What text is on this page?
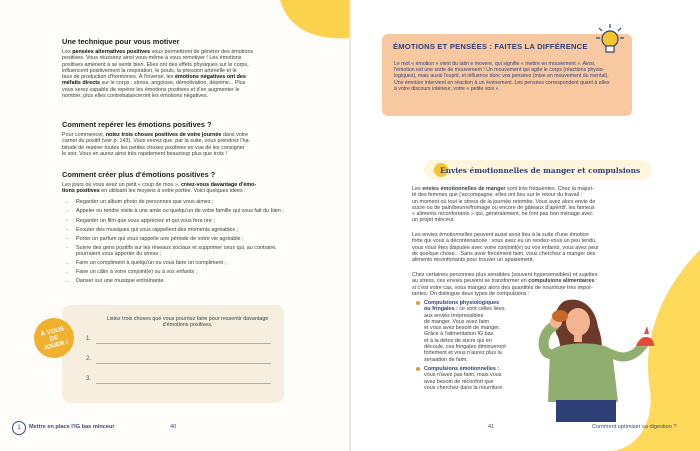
Une technique pour vous motiver
Les pensées alternatives positives vous permettront de générer des émotions
positives. Vous réussirez ainsi vous-même à vous remotiver ! Les émotions
positives amènent à se sentir bien. Elles ont des effets physiques sur le corps,
influencent positivement la respiration, le pouls, la pression artérielle et le
taux de production d'hormones. À l'inverse, les émotions négatives ont des
méfaits directs sur le corps : stress, angoisse, démotivation, déprime... Plus
vous serez capable de repérer les émotions positives et d'en augmenter le
nombre, plus elles contrebalanceront les émotions négatives.
Comment repérer les émotions positives ?
Pour commencer, notez trois choses positives de votre journée dans votre
carnet du positif (voir p. 143). Vous verrez que, par la suite, vous prendrez l'ha-
bitude de repérer toutes les petites choses positives en vue de les consigner
le soir. Vous en aurez ainsi très rapidement beaucoup plus que trois !
Comment créer plus d'émotions positives ?
Les jours où vous avez un petit « coup de mou », créez-vous davantage d'émo-
tions positives en utilisant les moyens à votre portée. Voici quelques idées :
→	Regarder un album photo de personnes que vous aimez ;
→	Appeler ou rendre visite à une amie ou quelqu'un de votre famille qui vous fait du bien ;
→	Regarder un film que vous appréciez et qui vous fera rire ;
→	Écouter des musiques qui vous rappellent des moments agréables ;
→	Porter un parfum qui vous rappelle une période de votre vie agréable ;
→	Suivre des gens positifs sur les réseaux sociaux et supprimer ceux qui, au contraire, pourraient vous apporter du stress ;
→	Faire un compliment à quelqu'un ou vous faire un compliment ;
→	Faire un câlin à votre conjoint(e) ou à vos enfants ;
→	Danser sur une musique entraînante.
À VOUS
DE
JOUER !
Listez trois choses que vous pourriez faire pour ressentir davantage d'émotions positives.
1.
2.
3.
1	Mettre en place l'IG bas minceur	40
ÉMOTIONS ET PENSÉES : FAITES LA DIFFÉRENCE
Le mot « émotion » vient du latin e movere, qui signifie « mettre en mouvement ». Ainsi,
l'émotion est une sorte de mouvement ! Un mouvement qui agite le corps (réactions physio-
logiques), mais aussi l'esprit, et influence donc vos pensées (mise en mouvement du mental).
Une émotion intervient en réaction à un événement. Les pensées correspondent quant à elles
à votre discours intérieur, votre « petite voix ».
Envies émotionnelles de manger et compulsions
Les envies émotionnelles de manger sont très fréquentes. Chez la majori-
té des femmes que j'accompagne, elles ont lieu sur le retour du travail ;
un moment où tout le stress de la journée retombe. Vous avez alors envie de
sucre ou de pain/beurre/fromage ou encore de gâteaux d'apéritif, les fameux
« aliments réconfortants » qui, généralement, ne font pas bon ménage avec
un projet minceur.
Les envies émotionnelles peuvent aussi avoir lieu à la suite d'une émotion
forte qui vous a décontenancée : vous avez eu un rendez-vous un peu tendu,
vous vous êtes disputée avec votre conjoint(e) ou vos enfants, vous avez peur
de quelque chose... Sans avoir forcément faim, vous cherchez à manger des
aliments réconfortants pour trouver un apaisement.
Chez certaines personnes plus sensibles (souvent hypersensibles) et sujettes
au stress, ces envies peuvent se transformer en compulsions alimentaires :
si c'est votre cas, vous mangez alors des quantités de nourriture très impor-
tantes. On distingue deux types de compulsions :
Compulsions physiologiques
ou fringales : ce sont celles liées
aux envies irrépressibles
de manger. Vous avez faim
et vous avez besoin de manger.
Grâce à l'alimentation IG bas
et à la détox de sucre qui en
découle, ces fringales diminueront
fortement et vous n'aurez plus la
sensation de faim.
Compulsions émotionnelles :
vous n'avez pas faim, mais vous
avez besoin de réconfort que
vous cherchez dans la nourriture.
41	Comment optimiser sa digestion ?
